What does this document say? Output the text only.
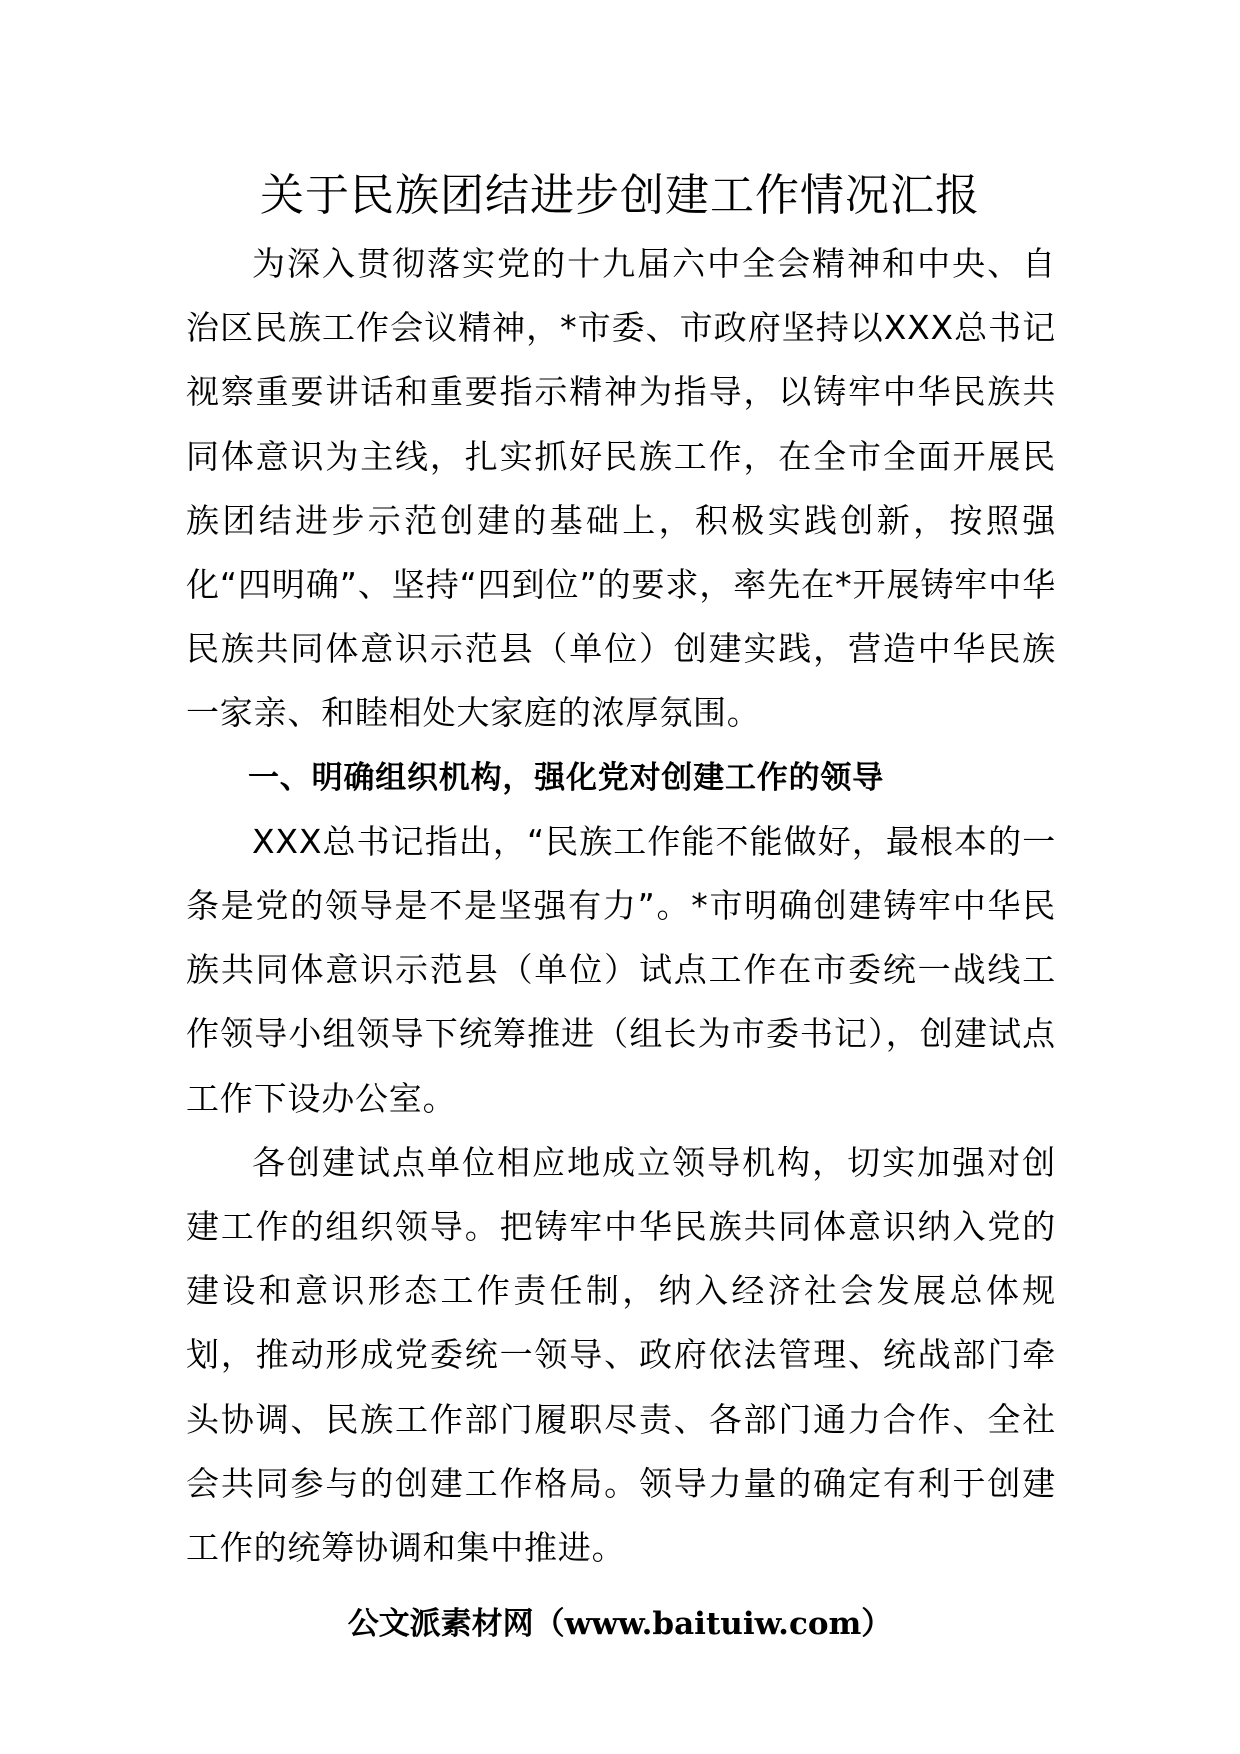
关于民族团结进步创建工作情况汇报

为深入贯彻落实党的十九届六中全会精神和中央、自治区民族工作会议精神，*市委、市政府坚持以XXX总书记视察重要讲话和重要指示精神为指导，以铸牢中华民族共同体意识为主线，扎实抓好民族工作，在全市全面开展民族团结进步示范创建的基础上，积极实践创新，按照强化“四明确”、坚持“四到位”的要求，率先在*开展铸牢中华民族共同体意识示范县（单位）创建实践，营造中华民族一家亲、和睦相处大家庭的浓厚氛围。

一、明确组织机构，强化党对创建工作的领导

XXX总书记指出，“民族工作能不能做好，最根本的一条是党的领导是不是坚强有力”。*市明确创建铸牢中华民族共同体意识示范县（单位）试点工作在市委统一战线工作领导小组领导下统筹推进（组长为市委书记），创建试点工作下设办公室。

各创建试点单位相应地成立领导机构，切实加强对创建工作的组织领导。把铸牢中华民族共同体意识纳入党的建设和意识形态工作责任制，纳入经济社会发展总体规划，推动形成党委统一领导、政府依法管理、统战部门牵头协调、民族工作部门履职尽责、各部门通力合作、全社会共同参与的创建工作格局。领导力量的确定有利于创建工作的统筹协调和集中推进。

公文派素材网（www.baituiw.com）
